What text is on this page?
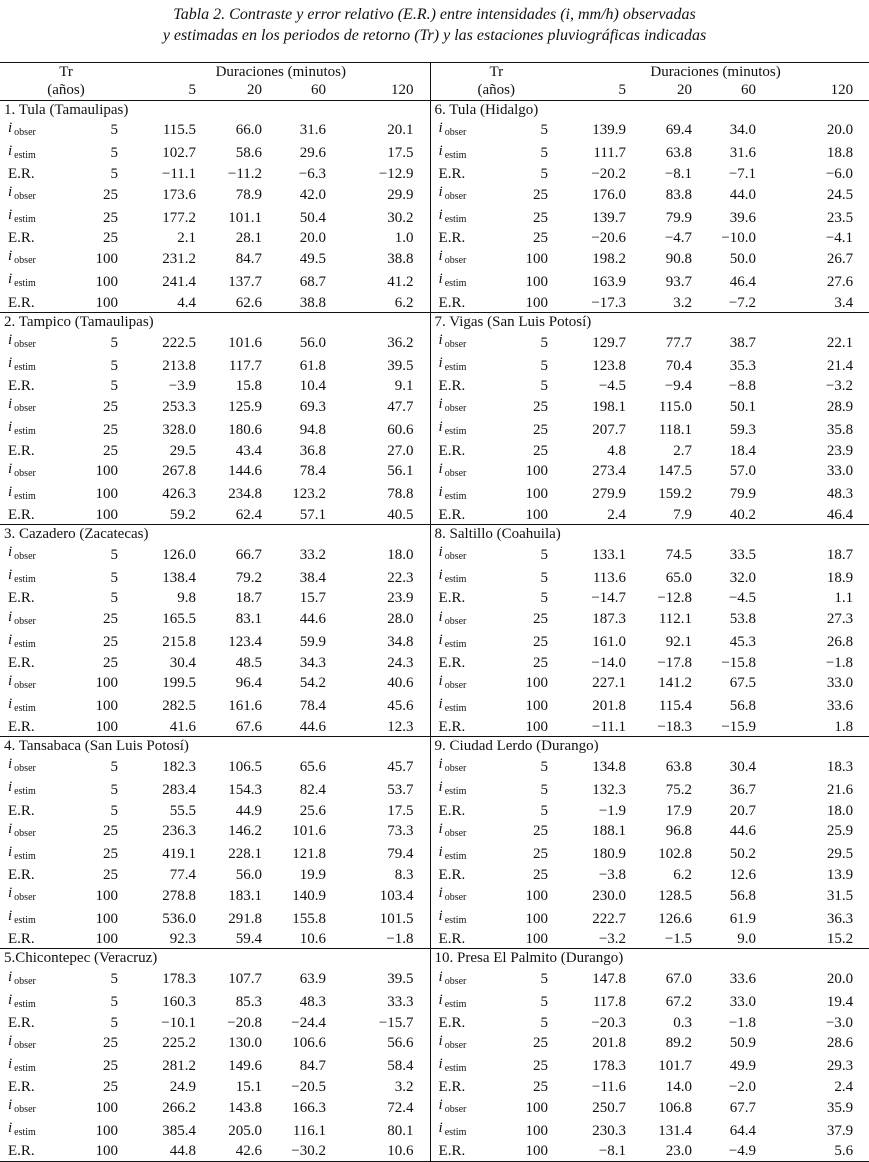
Tabla 2. Contraste y error relativo (E.R.) entre intensidades (i, mm/h) observadas
y estimadas en los periodos de retorno (Tr) y las estaciones pluviográficas indicadas
Tr		Duraciones (minutos)				Tr		Duraciones (minutos)			
(años)		5	20	60	120	(años)		5	20	60	120
1. Tula (Tamaulipas)						6. Tula (Hidalgo)					
i $_{obser}$	5	115.5	66.0	31.6	20.1	i $_{obser}$	5	139.9	69.4	34.0	20.0
i $_{estim}$	5	102.7	58.6	29.6	17.5	i $_{estim}$	5	111.7	63.8	31.6	18.8
E.R.	5	−11.1	−11.2	−6.3	−12.9	E.R.	5	−20.2	−8.1	−7.1	−6.0
i $_{obser}$	25	173.6	78.9	42.0	29.9	i $_{obser}$	25	176.0	83.8	44.0	24.5
i $_{estim}$	25	177.2	101.1	50.4	30.2	i $_{estim}$	25	139.7	79.9	39.6	23.5
E.R.	25	2.1	28.1	20.0	1.0	E.R.	25	−20.6	−4.7	−10.0	−4.1
i $_{obser}$	100	231.2	84.7	49.5	38.8	i $_{obser}$	100	198.2	90.8	50.0	26.7
i $_{estim}$	100	241.4	137.7	68.7	41.2	i $_{estim}$	100	163.9	93.7	46.4	27.6
E.R.	100	4.4	62.6	38.8	6.2	E.R.	100	−17.3	3.2	−7.2	3.4
2. Tampico (Tamaulipas)						7. Vigas (San Luis Potosí)					
i $_{obser}$	5	222.5	101.6	56.0	36.2	i $_{obser}$	5	129.7	77.7	38.7	22.1
i $_{estim}$	5	213.8	117.7	61.8	39.5	i $_{estim}$	5	123.8	70.4	35.3	21.4
E.R.	5	−3.9	15.8	10.4	9.1	E.R.	5	−4.5	−9.4	−8.8	−3.2
i $_{obser}$	25	253.3	125.9	69.3	47.7	i $_{obser}$	25	198.1	115.0	50.1	28.9
i $_{estim}$	25	328.0	180.6	94.8	60.6	i $_{estim}$	25	207.7	118.1	59.3	35.8
E.R.	25	29.5	43.4	36.8	27.0	E.R.	25	4.8	2.7	18.4	23.9
i $_{obser}$	100	267.8	144.6	78.4	56.1	i $_{obser}$	100	273.4	147.5	57.0	33.0
i $_{estim}$	100	426.3	234.8	123.2	78.8	i $_{estim}$	100	279.9	159.2	79.9	48.3
E.R.	100	59.2	62.4	57.1	40.5	E.R.	100	2.4	7.9	40.2	46.4
3. Cazadero (Zacatecas)						8. Saltillo (Coahuila)					
i $_{obser}$	5	126.0	66.7	33.2	18.0	i $_{obser}$	5	133.1	74.5	33.5	18.7
i $_{estim}$	5	138.4	79.2	38.4	22.3	i $_{estim}$	5	113.6	65.0	32.0	18.9
E.R.	5	9.8	18.7	15.7	23.9	E.R.	5	−14.7	−12.8	−4.5	1.1
i $_{obser}$	25	165.5	83.1	44.6	28.0	i $_{obser}$	25	187.3	112.1	53.8	27.3
i $_{estim}$	25	215.8	123.4	59.9	34.8	i $_{estim}$	25	161.0	92.1	45.3	26.8
E.R.	25	30.4	48.5	34.3	24.3	E.R.	25	−14.0	−17.8	−15.8	−1.8
i $_{obser}$	100	199.5	96.4	54.2	40.6	i $_{obser}$	100	227.1	141.2	67.5	33.0
i $_{estim}$	100	282.5	161.6	78.4	45.6	i $_{estim}$	100	201.8	115.4	56.8	33.6
E.R.	100	41.6	67.6	44.6	12.3	E.R.	100	−11.1	−18.3	−15.9	1.8
4. Tansabaca (San Luis Potosí)						9. Ciudad Lerdo (Durango)					
i $_{obser}$	5	182.3	106.5	65.6	45.7	i $_{obser}$	5	134.8	63.8	30.4	18.3
i $_{estim}$	5	283.4	154.3	82.4	53.7	i $_{estim}$	5	132.3	75.2	36.7	21.6
E.R.	5	55.5	44.9	25.6	17.5	E.R.	5	−1.9	17.9	20.7	18.0
i $_{obser}$	25	236.3	146.2	101.6	73.3	i $_{obser}$	25	188.1	96.8	44.6	25.9
i $_{estim}$	25	419.1	228.1	121.8	79.4	i $_{estim}$	25	180.9	102.8	50.2	29.5
E.R.	25	77.4	56.0	19.9	8.3	E.R.	25	−3.8	6.2	12.6	13.9
i $_{obser}$	100	278.8	183.1	140.9	103.4	i $_{obser}$	100	230.0	128.5	56.8	31.5
i $_{estim}$	100	536.0	291.8	155.8	101.5	i $_{estim}$	100	222.7	126.6	61.9	36.3
E.R.	100	92.3	59.4	10.6	−1.8	E.R.	100	−3.2	−1.5	9.0	15.2
5.Chicontepec (Veracruz)						10. Presa El Palmito (Durango)					
i $_{obser}$	5	178.3	107.7	63.9	39.5	i $_{obser}$	5	147.8	67.0	33.6	20.0
i $_{estim}$	5	160.3	85.3	48.3	33.3	i $_{estim}$	5	117.8	67.2	33.0	19.4
E.R.	5	−10.1	−20.8	−24.4	−15.7	E.R.	5	−20.3	0.3	−1.8	−3.0
i $_{obser}$	25	225.2	130.0	106.6	56.6	i $_{obser}$	25	201.8	89.2	50.9	28.6
i $_{estim}$	25	281.2	149.6	84.7	58.4	i $_{estim}$	25	178.3	101.7	49.9	29.3
E.R.	25	24.9	15.1	−20.5	3.2	E.R.	25	−11.6	14.0	−2.0	2.4
i $_{obser}$	100	266.2	143.8	166.3	72.4	i $_{obser}$	100	250.7	106.8	67.7	35.9
i $_{estim}$	100	385.4	205.0	116.1	80.1	i $_{estim}$	100	230.3	131.4	64.4	37.9
E.R.	100	44.8	42.6	−30.2	10.6	E.R.	100	−8.1	23.0	−4.9	5.6
